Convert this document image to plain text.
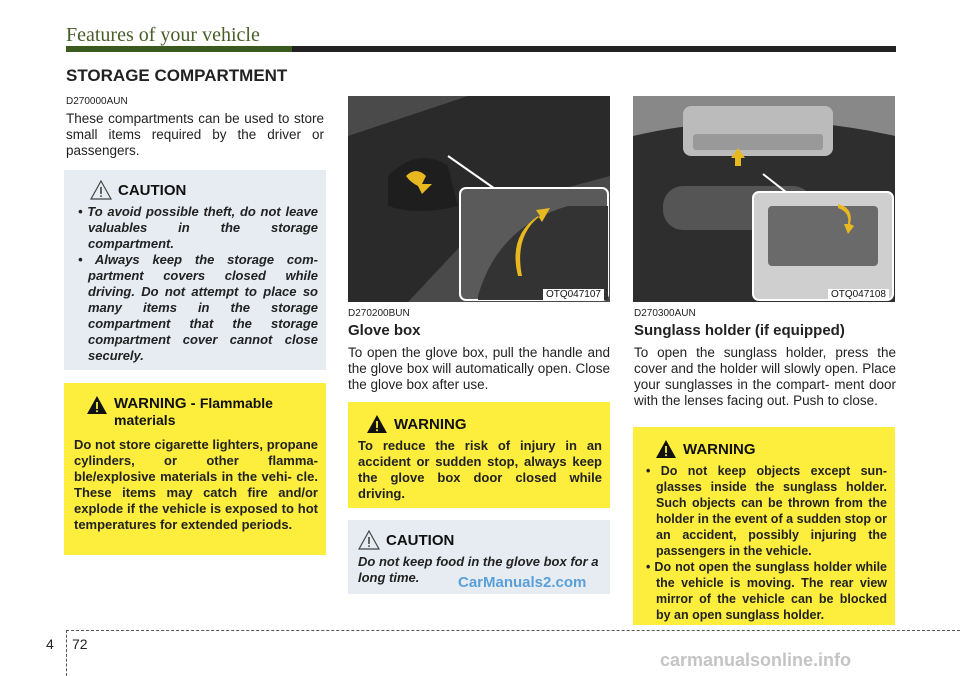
Features of your vehicle
STORAGE COMPARTMENT
D270000AUN
These compartments can be used to store small items required by the driver or passengers.
CAUTION
• To avoid possible theft, do not leave valuables in the storage compartment.
• Always keep the storage com- partment covers closed while driving. Do not attempt to place so many items in the storage compartment that the storage compartment cover cannot close securely.
WARNING - Flammable materials
Do not store cigarette lighters, propane cylinders, or other flamma- ble/explosive materials in the vehi- cle. These items may catch fire and/or explode if the vehicle is exposed to hot temperatures for extended periods.
OTQ047107
D270200BUN
Glove box
To open the glove box, pull the handle and the glove box will automatically open. Close the glove box after use.
WARNING
To reduce the risk of injury in an accident or sudden stop, always keep the glove box door closed while driving.
CAUTION
Do not keep food in the glove box for a long time.	CarManuals2.com
OTQ047108
D270300AUN
Sunglass holder (if equipped)
To open the sunglass holder, press the cover and the holder will slowly open. Place your sunglasses in the compart- ment door with the lenses facing out. Push to close.
WARNING
• Do not keep objects except sun- glasses inside the sunglass holder. Such objects can be thrown from the holder in the event of a sudden stop or an accident, possibly injuring the passengers in the vehicle.
• Do not open the sunglass holder while the vehicle is moving. The rear view mirror of the vehicle can be blocked by an open sunglass holder.
4 72
carmanualsonline.info
